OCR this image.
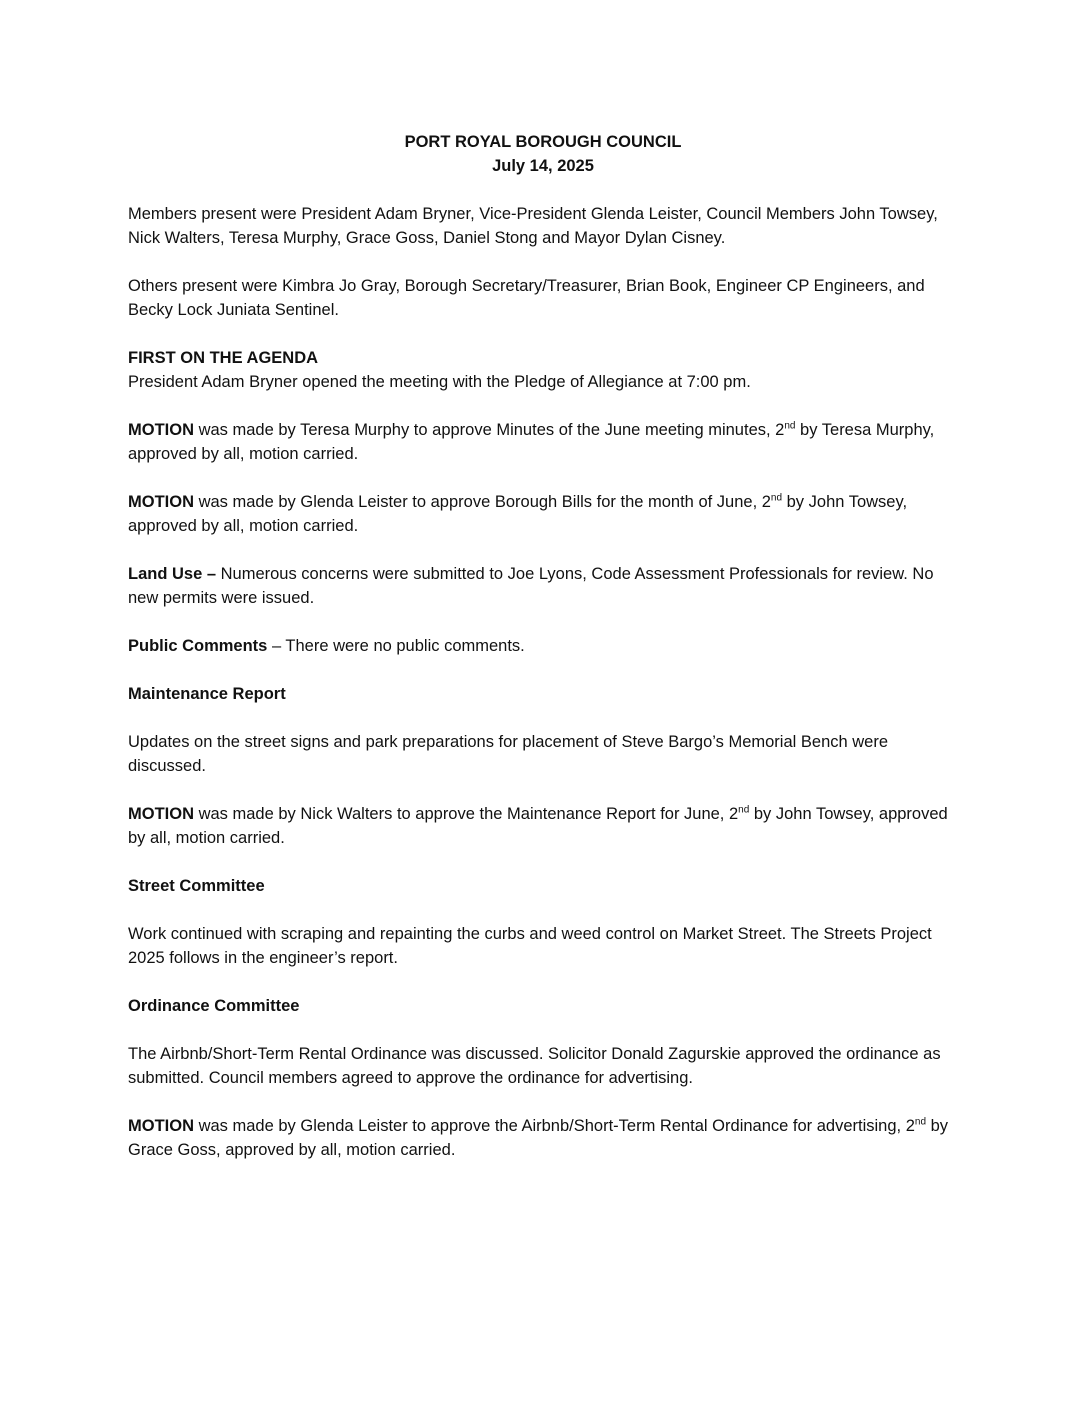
PORT ROYAL BOROUGH COUNCIL

July 14, 2025

Members present were President Adam Bryner, Vice-President Glenda Leister, Council Members John Towsey, Nick Walters, Teresa Murphy, Grace Goss, Daniel Stong and Mayor Dylan Cisney.

Others present were Kimbra Jo Gray, Borough Secretary/Treasurer, Brian Book, Engineer CP Engineers, and Becky Lock Juniata Sentinel.

FIRST ON THE AGENDA
President Adam Bryner opened the meeting with the Pledge of Allegiance at 7:00 pm.

MOTION was made by Teresa Murphy to approve Minutes of the June meeting minutes, 2nd by Teresa Murphy, approved by all, motion carried.

MOTION was made by Glenda Leister to approve Borough Bills for the month of June, 2nd by John Towsey, approved by all, motion carried.

Land Use – Numerous concerns were submitted to Joe Lyons, Code Assessment Professionals for review. No new permits were issued.

Public Comments – There were no public comments.

Maintenance Report

Updates on the street signs and park preparations for placement of Steve Bargo’s Memorial Bench were discussed.

MOTION was made by Nick Walters to approve the Maintenance Report for June, 2nd by John Towsey, approved by all, motion carried.

Street Committee

Work continued with scraping and repainting the curbs and weed control on Market Street. The Streets Project 2025 follows in the engineer’s report.

Ordinance Committee

The Airbnb/Short-Term Rental Ordinance was discussed. Solicitor Donald Zagurskie approved the ordinance as submitted. Council members agreed to approve the ordinance for advertising.

MOTION was made by Glenda Leister to approve the Airbnb/Short-Term Rental Ordinance for advertising, 2nd by Grace Goss, approved by all, motion carried.
